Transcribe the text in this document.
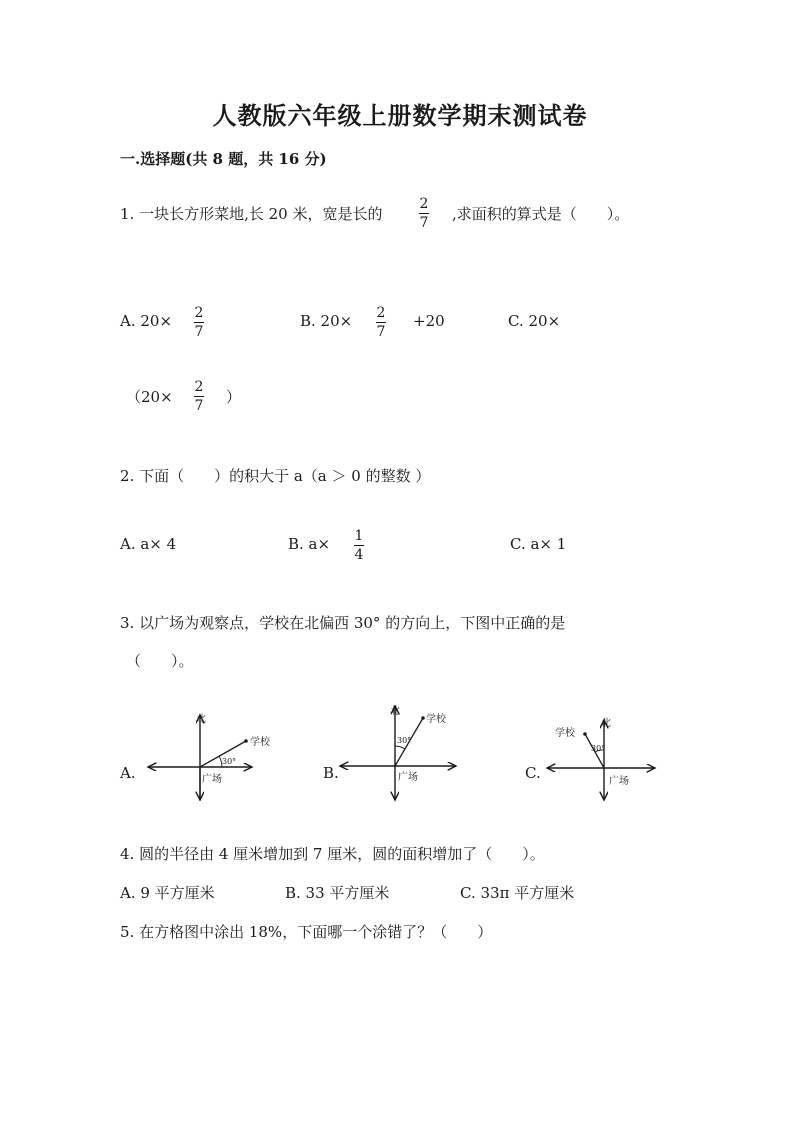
人教版六年级上册数学期末测试卷
一.选择题(共 8 题，共 16 分)
1. 一块长方形菜地,长 20 米，宽是长的
2
7 ,求面积的算式是（　　）。
A. 20× 2
7
B. 20× 2
7
+20	C. 20×
（20×
2
7 ）
2. 下面（　　）的积大于 a（a ＞ 0 的整数 ）
A. a× 4	B. a× 1
4
C. a× 1
3. 以广场为观察点，学校在北偏西 30° 的方向上，下图中正确的是
（　　）。
A.
北
学校
30°
广场	B.
北
学校
30°
广场	C.
北
学校
30°
广场
4. 圆的半径由 4 厘米增加到 7 厘米，圆的面积增加了（　　）。
A. 9 平方厘米	B. 33 平方厘米	C. 33π 平方厘米
5. 在方格图中涂出 18%，下面哪一个涂错了？（　　）
